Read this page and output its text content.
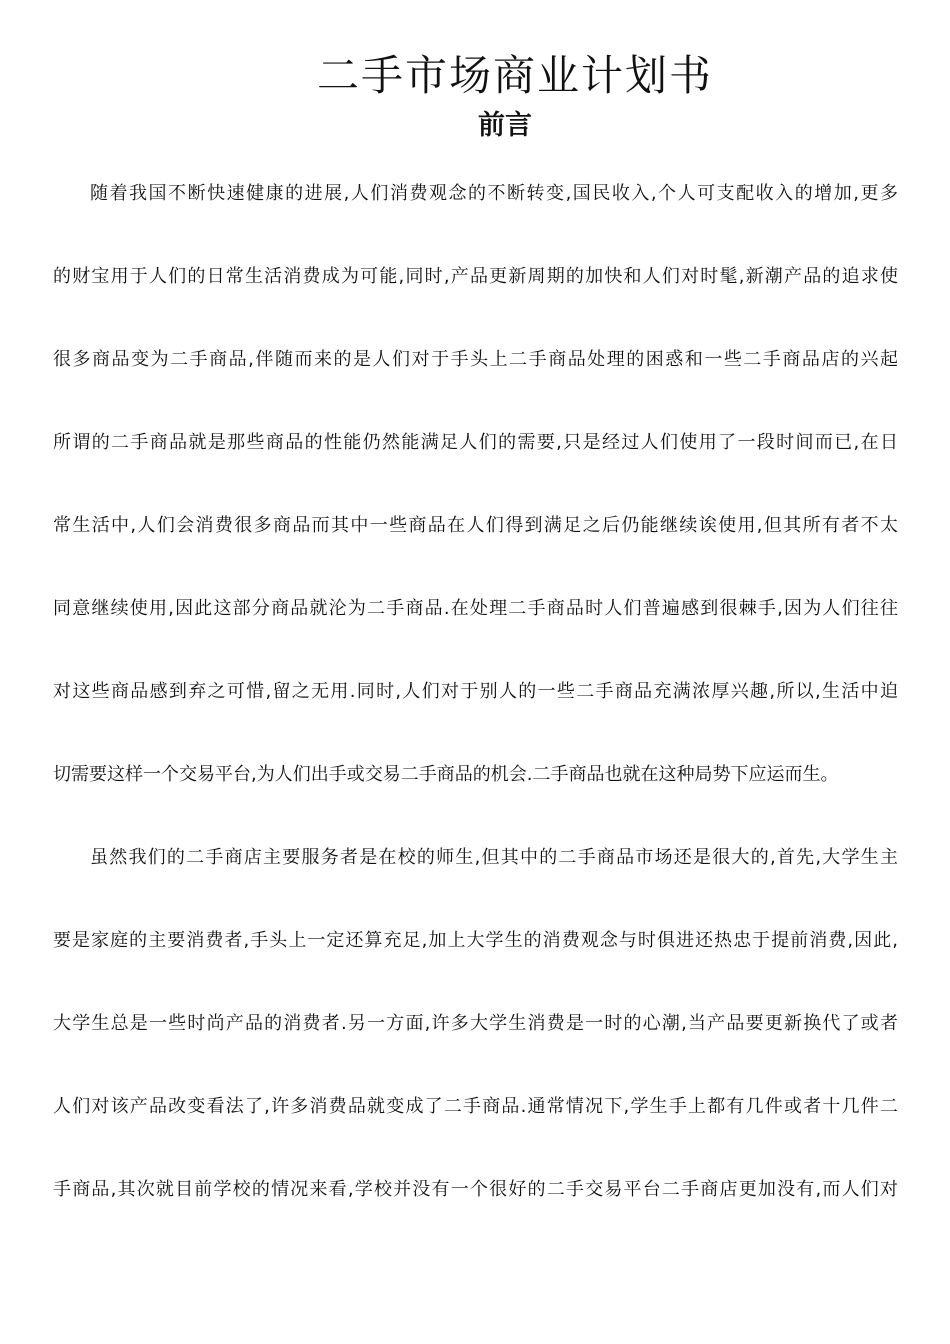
二手市场商业计划书
前言

随着我国不断快速健康的进展,人们消费观念的不断转变,国民收入,个人可支配收入的增加,更多

的财宝用于人们的日常生活消费成为可能,同时,产品更新周期的加快和人们对时髦,新潮产品的追求使

很多商品变为二手商品,伴随而来的是人们对于手头上二手商品处理的困惑和一些二手商品店的兴起

所谓的二手商品就是那些商品的性能仍然能满足人们的需要,只是经过人们使用了一段时间而已,在日

常生活中,人们会消费很多商品而其中一些商品在人们得到满足之后仍能继续诶使用,但其所有者不太

同意继续使用,因此这部分商品就沦为二手商品.在处理二手商品时人们普遍感到很棘手,因为人们往往

对这些商品感到弃之可惜,留之无用.同时,人们对于别人的一些二手商品充满浓厚兴趣,所以,生活中迫

切需要这样一个交易平台,为人们出手或交易二手商品的机会.二手商品也就在这种局势下应运而生。

虽然我们的二手商店主要服务者是在校的师生,但其中的二手商品市场还是很大的,首先,大学生主

要是家庭的主要消费者,手头上一定还算充足,加上大学生的消费观念与时俱进还热忠于提前消费,因此,

大学生总是一些时尚产品的消费者.另一方面,许多大学生消费是一时的心潮,当产品要更新换代了或者

人们对该产品改变看法了,许多消费品就变成了二手商品.通常情况下,学生手上都有几件或者十几件二

手商品,其次就目前学校的情况来看,学校并没有一个很好的二手交易平台二手商店更加没有,而人们对
